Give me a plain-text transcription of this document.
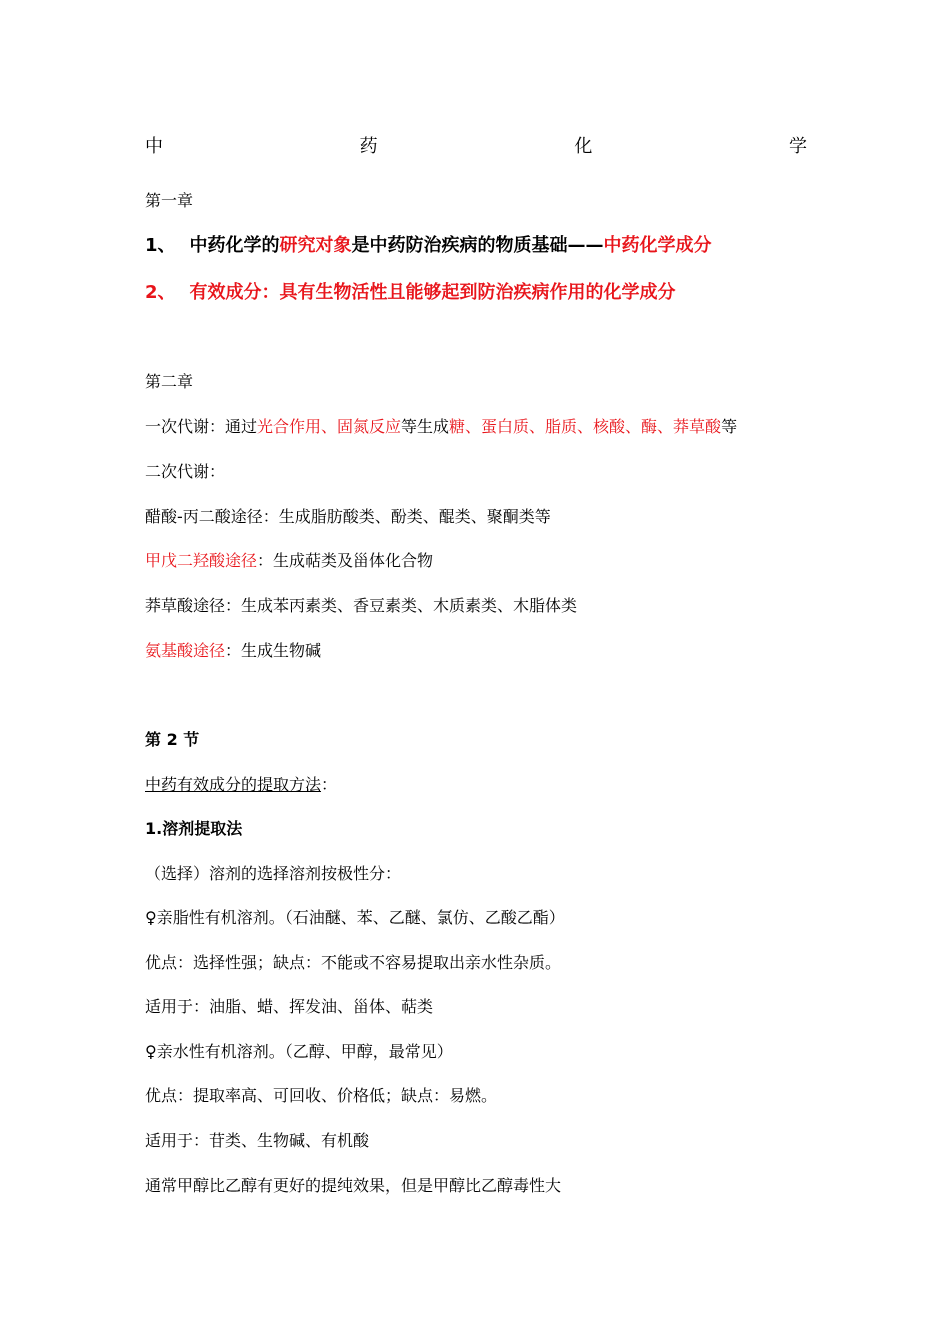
中	药	化	学
第一章
1、 中药化学的研究对象是中药防治疾病的物质基础——中药化学成分
2、 有效成分：具有生物活性且能够起到防治疾病作用的化学成分
第二章
一次代谢：通过光合作用、固氮反应等生成糖、蛋白质、脂质、核酸、酶、莽草酸等
二次代谢：
醋酸-丙二酸途径：生成脂肪酸类、酚类、醌类、聚酮类等
甲戊二羟酸途径：生成萜类及甾体化合物
莽草酸途径：生成苯丙素类、香豆素类、木质素类、木脂体类
氨基酸途径：生成生物碱
第 2 节
中药有效成分的提取方法：
1.溶剂提取法
（选择）溶剂的选择溶剂按极性分：
♀亲脂性有机溶剂。（石油醚、苯、乙醚、氯仿、乙酸乙酯）
优点：选择性强；缺点：不能或不容易提取出亲水性杂质。
适用于：油脂、蜡、挥发油、甾体、萜类
♀亲水性有机溶剂。（乙醇、甲醇，最常见）
优点：提取率高、可回收、价格低；缺点：易燃。
适用于：苷类、生物碱、有机酸
通常甲醇比乙醇有更好的提纯效果，但是甲醇比乙醇毒性大
